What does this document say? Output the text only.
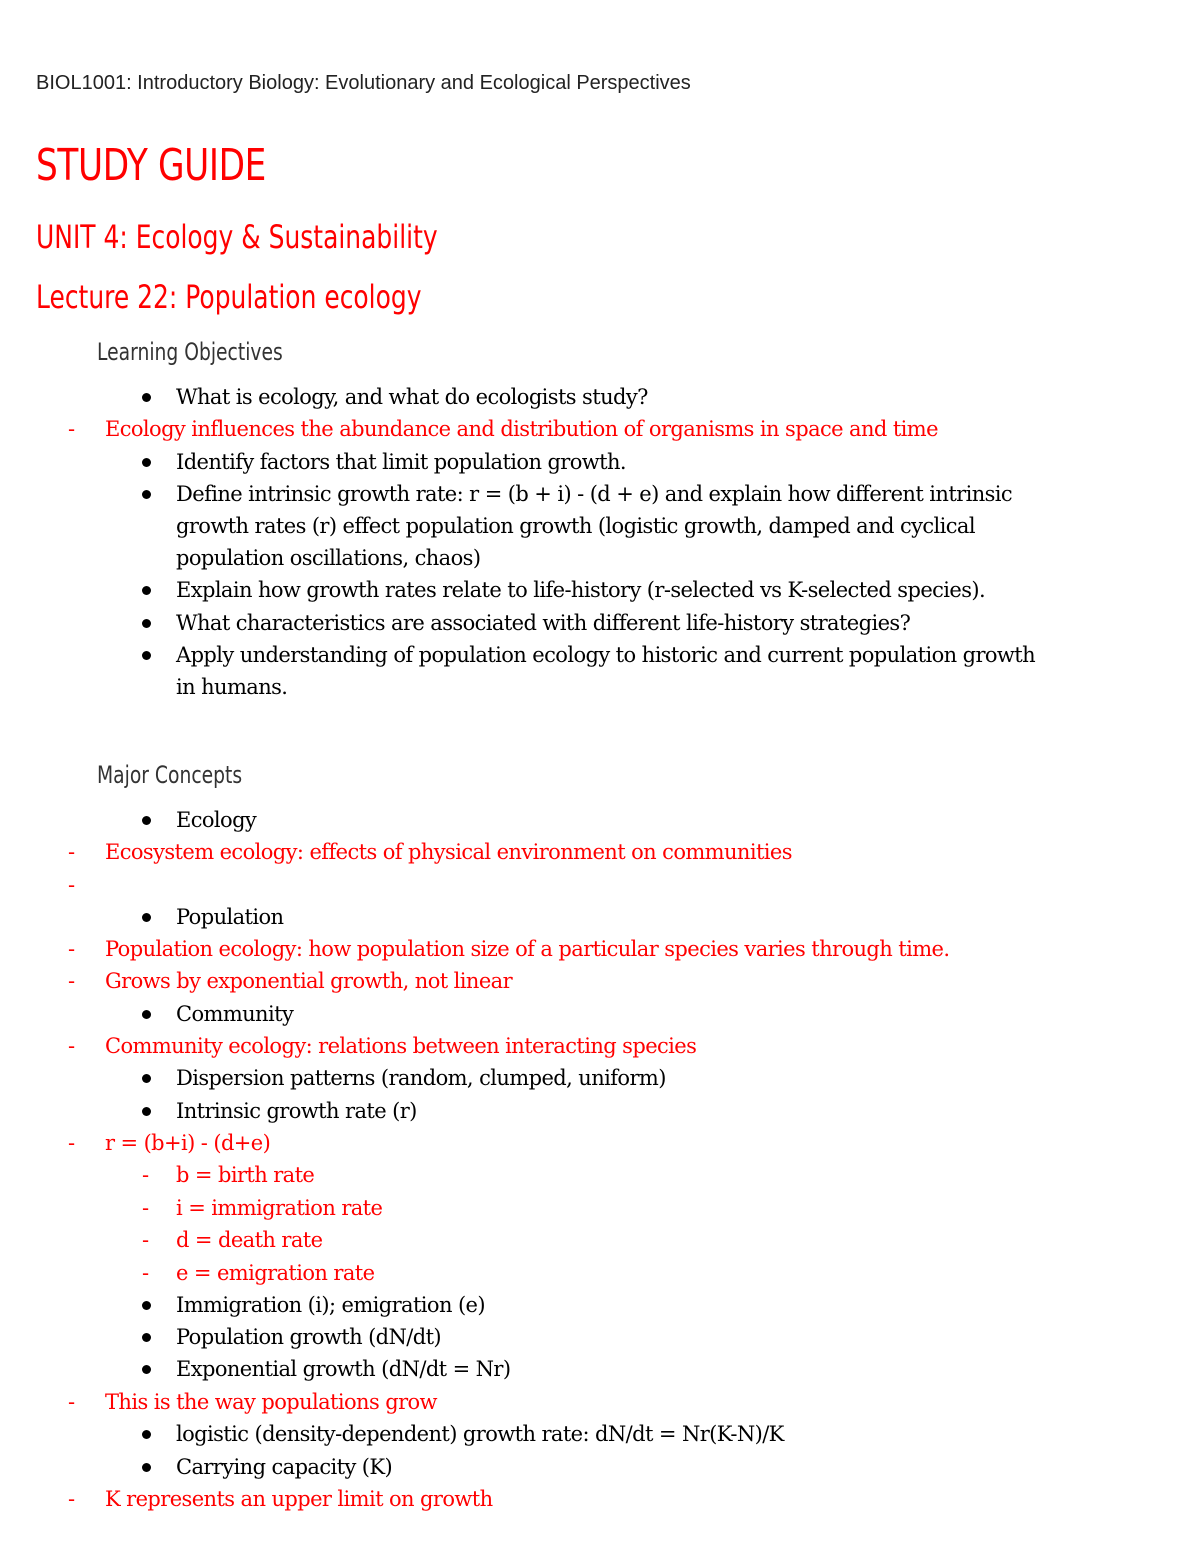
BIOL1001: Introductory Biology: Evolutionary and Ecological Perspectives
STUDY GUIDE
UNIT 4: Ecology & Sustainability
Lecture 22: Population ecology
Learning Objectives
What is ecology, and what do ecologists study?
- Ecology influences the abundance and distribution of organisms in space and time
Identify factors that limit population growth.
Define intrinsic growth rate: r = (b + i) - (d + e) and explain how different intrinsic
growth rates (r) effect population growth (logistic growth, damped and cyclical
population oscillations, chaos)
Explain how growth rates relate to life-history (r-selected vs K-selected species).
What characteristics are associated with different life-history strategies?
Apply understanding of population ecology to historic and current population growth
in humans.
Major Concepts
Ecology
- Ecosystem ecology: effects of physical environment on communities
-
Population
- Population ecology: how population size of a particular species varies through time.
- Grows by exponential growth, not linear
Community
- Community ecology: relations between interacting species
Dispersion patterns (random, clumped, uniform)
Intrinsic growth rate (r)
- r = (b+i) - (d+e)
- b = birth rate
- i = immigration rate
- d = death rate
- e = emigration rate
Immigration (i); emigration (e)
Population growth (dN/dt)
Exponential growth (dN/dt = Nr)
- This is the way populations grow
logistic (density-dependent) growth rate: dN/dt = Nr(K-N)/K
Carrying capacity (K)
- K represents an upper limit on growth
